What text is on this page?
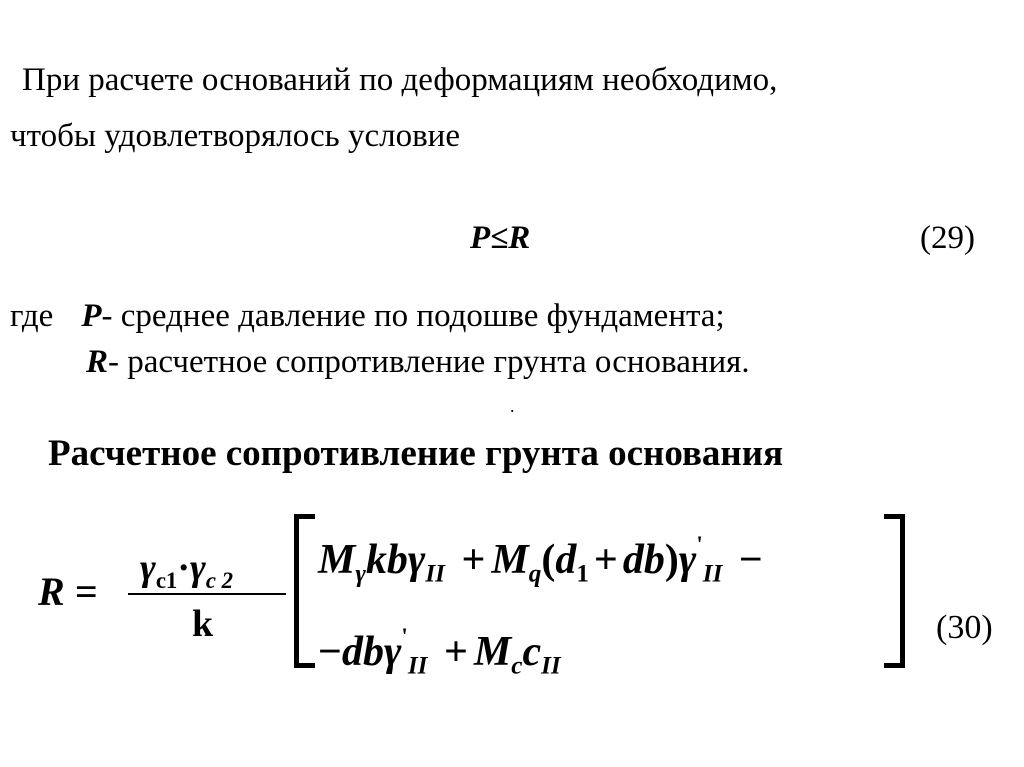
При расчете оснований по деформациям необходимо,
чтобы удовлетворялось условие
P≤R	(29)
где P- среднее давление по подошве фундамента;
R- расчетное сопротивление грунта основания.
.
Расчетное сопротивление грунта основания
R =
$\gamma_{c1}\cdot\gamma_{c 2}$
k
$M_\gamma kb\gamma_{II} + M_q(d_1 + db)\gamma'_{II}$ −
$-db\gamma'_{II} + M_cc_{II}$
(30)
